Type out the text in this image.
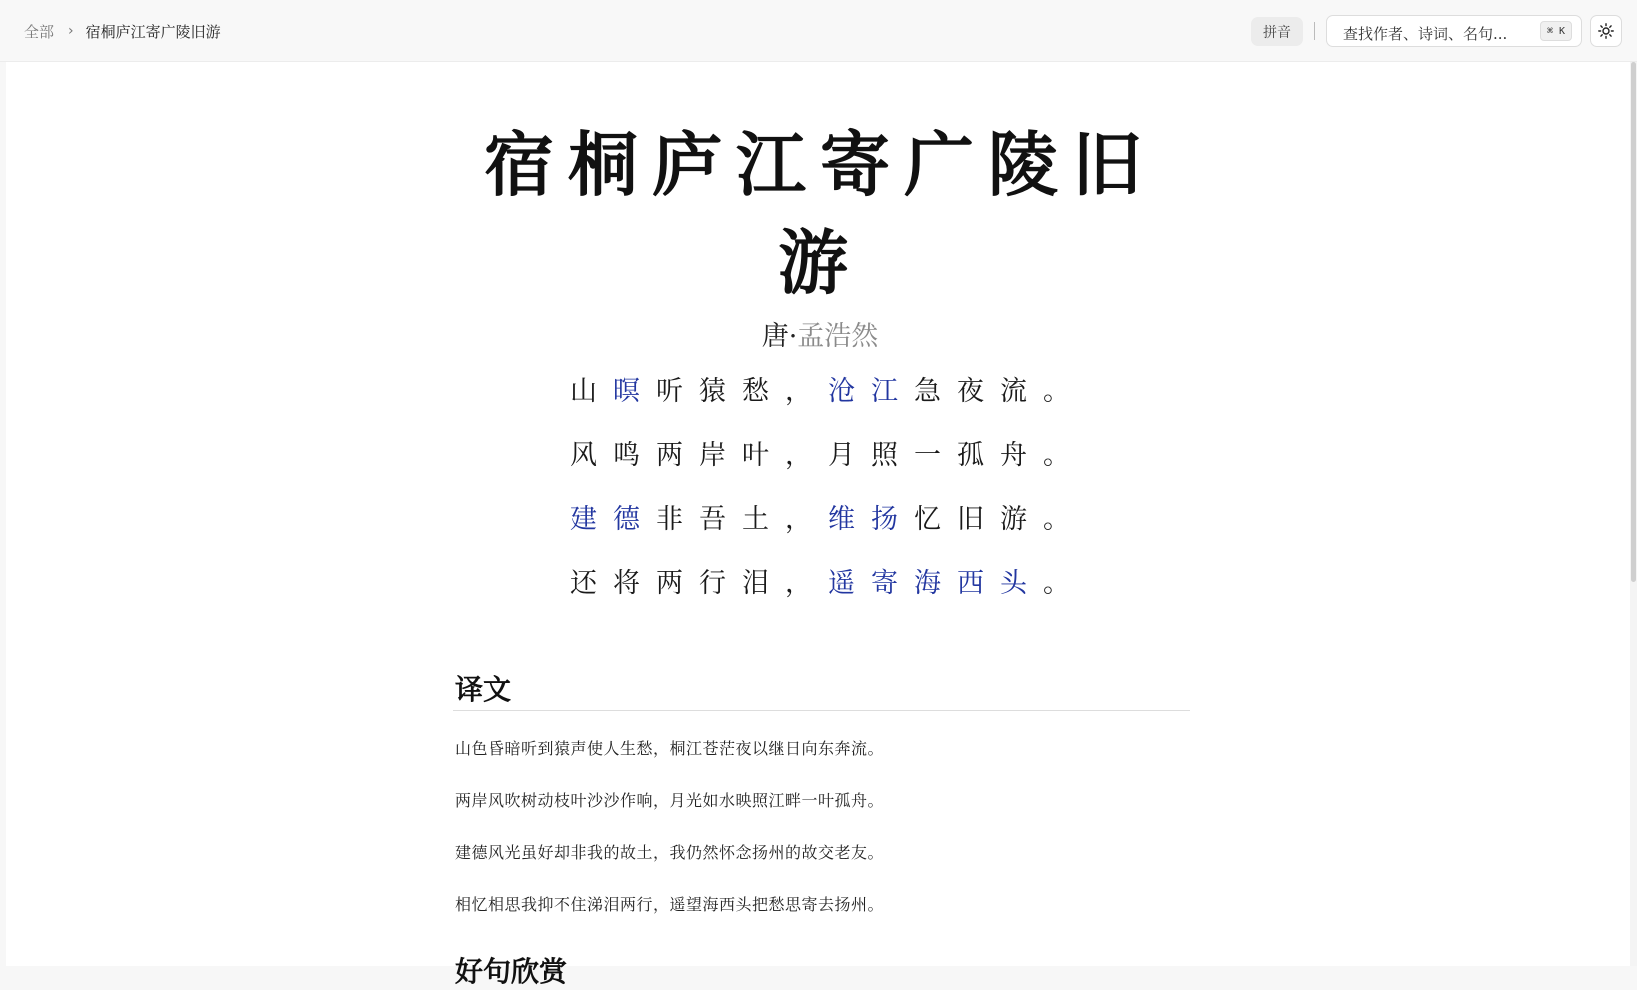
全部 › 宿桐庐江寄广陵旧游	拼音	查找作者、诗词、名句...	⌘ K
宿桐庐江寄广陵旧游
唐·孟浩然
山暝听猿愁，沧江急夜流。
风鸣两岸叶，月照一孤舟。
建德非吾土，维扬忆旧游。
还将两行泪，遥寄海西头。
译文

山色昏暗听到猿声使人生愁，桐江苍茫夜以继日向东奔流。

两岸风吹树动枝叶沙沙作响，月光如水映照江畔一叶孤舟。

建德风光虽好却非我的故土，我仍然怀念扬州的故交老友。

相忆相思我抑不住涕泪两行，遥望海西头把愁思寄去扬州。

好句欣赏
